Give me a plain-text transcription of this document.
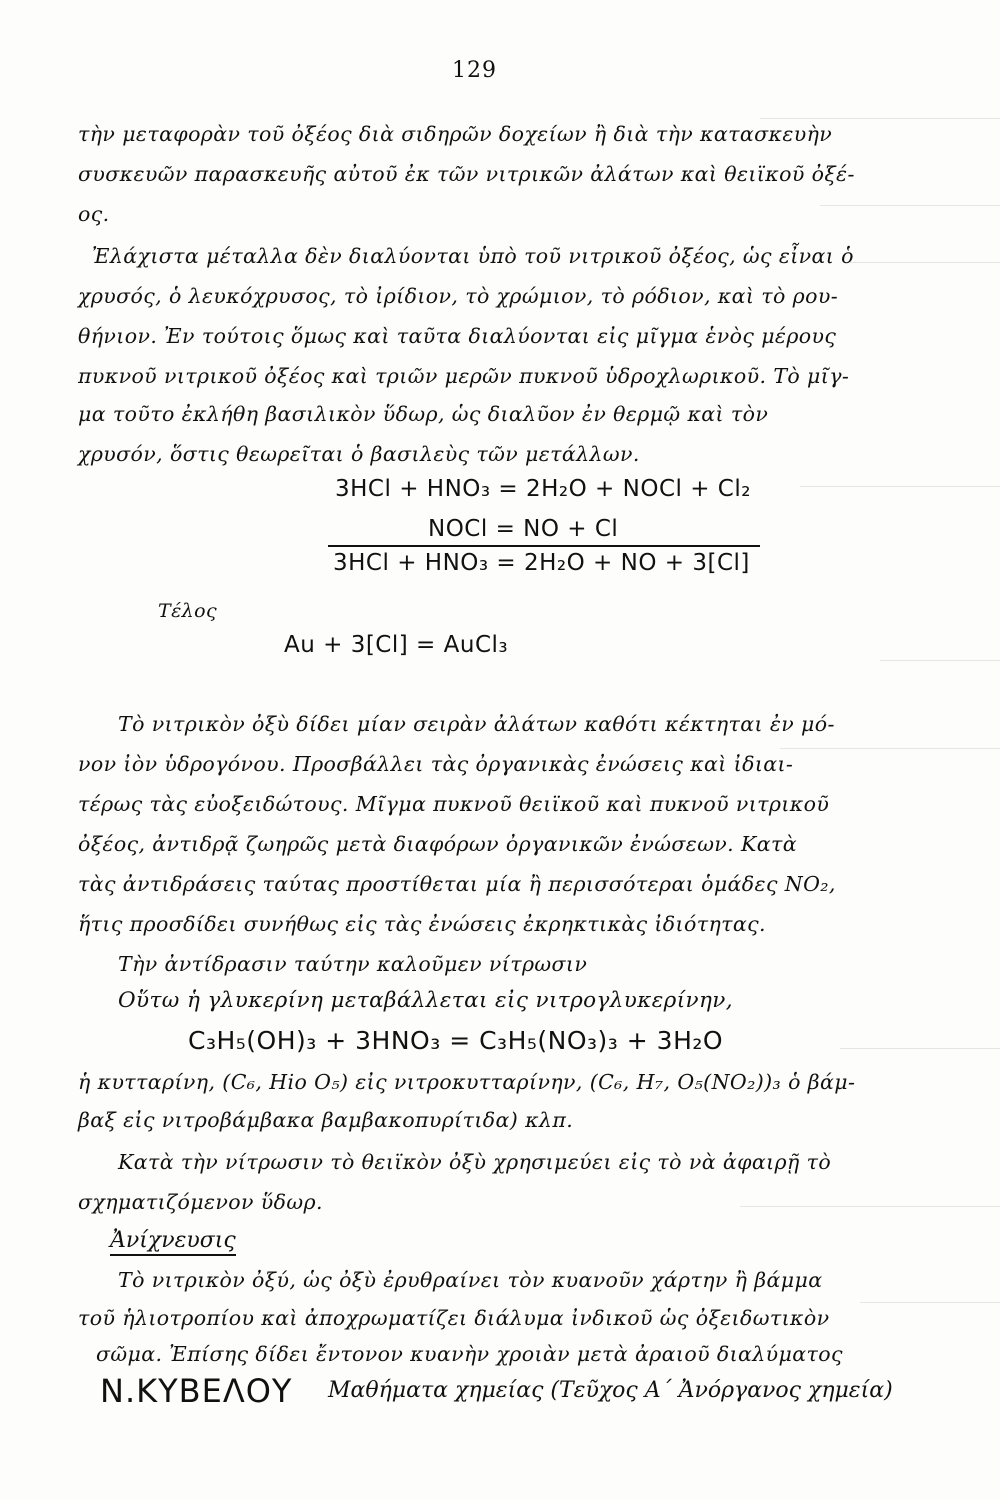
129
τὴν μεταφορὰν τοῦ ὀξέος διὰ σιδηρῶν δοχείων ἢ διὰ τὴν κατασκευὴν
συσκευῶν παρασκευῆς αὐτοῦ ἐκ τῶν νιτρικῶν ἀλάτων καὶ θειϊκοῦ ὀξέ-
ος.
Ἐλάχιστα μέταλλα δὲν διαλύονται ὑπὸ τοῦ νιτρικοῦ ὀξέος, ὡς εἶναι ὁ
χρυσός, ὁ λευκόχρυσος, τὸ ἰρίδιον, τὸ χρώμιον, τὸ ρόδιον, καὶ τὸ ρου-
θήνιον. Ἐν τούτοις ὅμως καὶ ταῦτα διαλύονται εἰς μῖγμα ἑνὸς μέρους
πυκνοῦ νιτρικοῦ ὀξέος καὶ τριῶν μερῶν πυκνοῦ ὑδροχλωρικοῦ. Τὸ μῖγ-
μα τοῦτο ἐκλήθη βασιλικὸν ὕδωρ, ὡς διαλῦον ἐν θερμῷ καὶ τὸν
χρυσόν, ὅστις θεωρεῖται ὁ βασιλεὺς τῶν μετάλλων.
3HCl + HNO₃ = 2H₂O + NOCl + Cl₂
NOCl = NO + Cl
3HCl + HNO₃ = 2H₂O + NO + 3[Cl]
Τέλος
Au + 3[Cl] = AuCl₃
Τὸ νιτρικὸν ὀξὺ δίδει μίαν σειρὰν ἀλάτων καθότι κέκτηται ἐν μό-
νον ἰὸν ὑδρογόνου. Προσβάλλει τὰς ὀργανικὰς ἐνώσεις καὶ ἰδιαι-
τέρως τὰς εὐοξειδώτους. Μῖγμα πυκνοῦ θειϊκοῦ καὶ πυκνοῦ νιτρικοῦ
ὀξέος, ἀντιδρᾷ ζωηρῶς μετὰ διαφόρων ὀργανικῶν ἐνώσεων. Κατὰ
τὰς ἀντιδράσεις ταύτας προστίθεται μία ἢ περισσότεραι ὁμάδες NO₂,
ἥτις προσδίδει συνήθως εἰς τὰς ἐνώσεις ἐκρηκτικὰς ἰδιότητας.
Τὴν ἀντίδρασιν ταύτην καλοῦμεν νίτρωσιν
Οὕτω ἡ γλυκερίνη μεταβάλλεται εἰς νιτρογλυκερίνην,
C₃H₅(OH)₃ + 3HNO₃ = C₃H₅(NO₃)₃ + 3H₂O
ἡ κυτταρίνη, (C₆, Hio O₅) εἰς νιτροκυτταρίνην, (C₆, H₇, O₅(NO₂))₃ ὁ βάμ-
βαξ εἰς νιτροβάμβακα βαμβακοπυρίτιδα) κλπ.
Κατὰ τὴν νίτρωσιν τὸ θειϊκὸν ὀξὺ χρησιμεύει εἰς τὸ νὰ ἀφαιρῇ τὸ
σχηματιζόμενον ὕδωρ.
Ἀνίχνευσις
Τὸ νιτρικὸν ὀξύ, ὡς ὀξὺ ἐρυθραίνει τὸν κυανοῦν χάρτην ἢ βάμμα
τοῦ ἡλιοτροπίου καὶ ἀποχρωματίζει διάλυμα ἰνδικοῦ ὡς ὀξειδωτικὸν
σῶμα. Ἐπίσης δίδει ἔντονον κυανὴν χροιὰν μετὰ ἀραιοῦ διαλύματος
Ν.ΚΥΒΕΛΟΥ Μαθήματα χημείας (Τεῦχος Α΄ Ἀνόργανος χημεία)
